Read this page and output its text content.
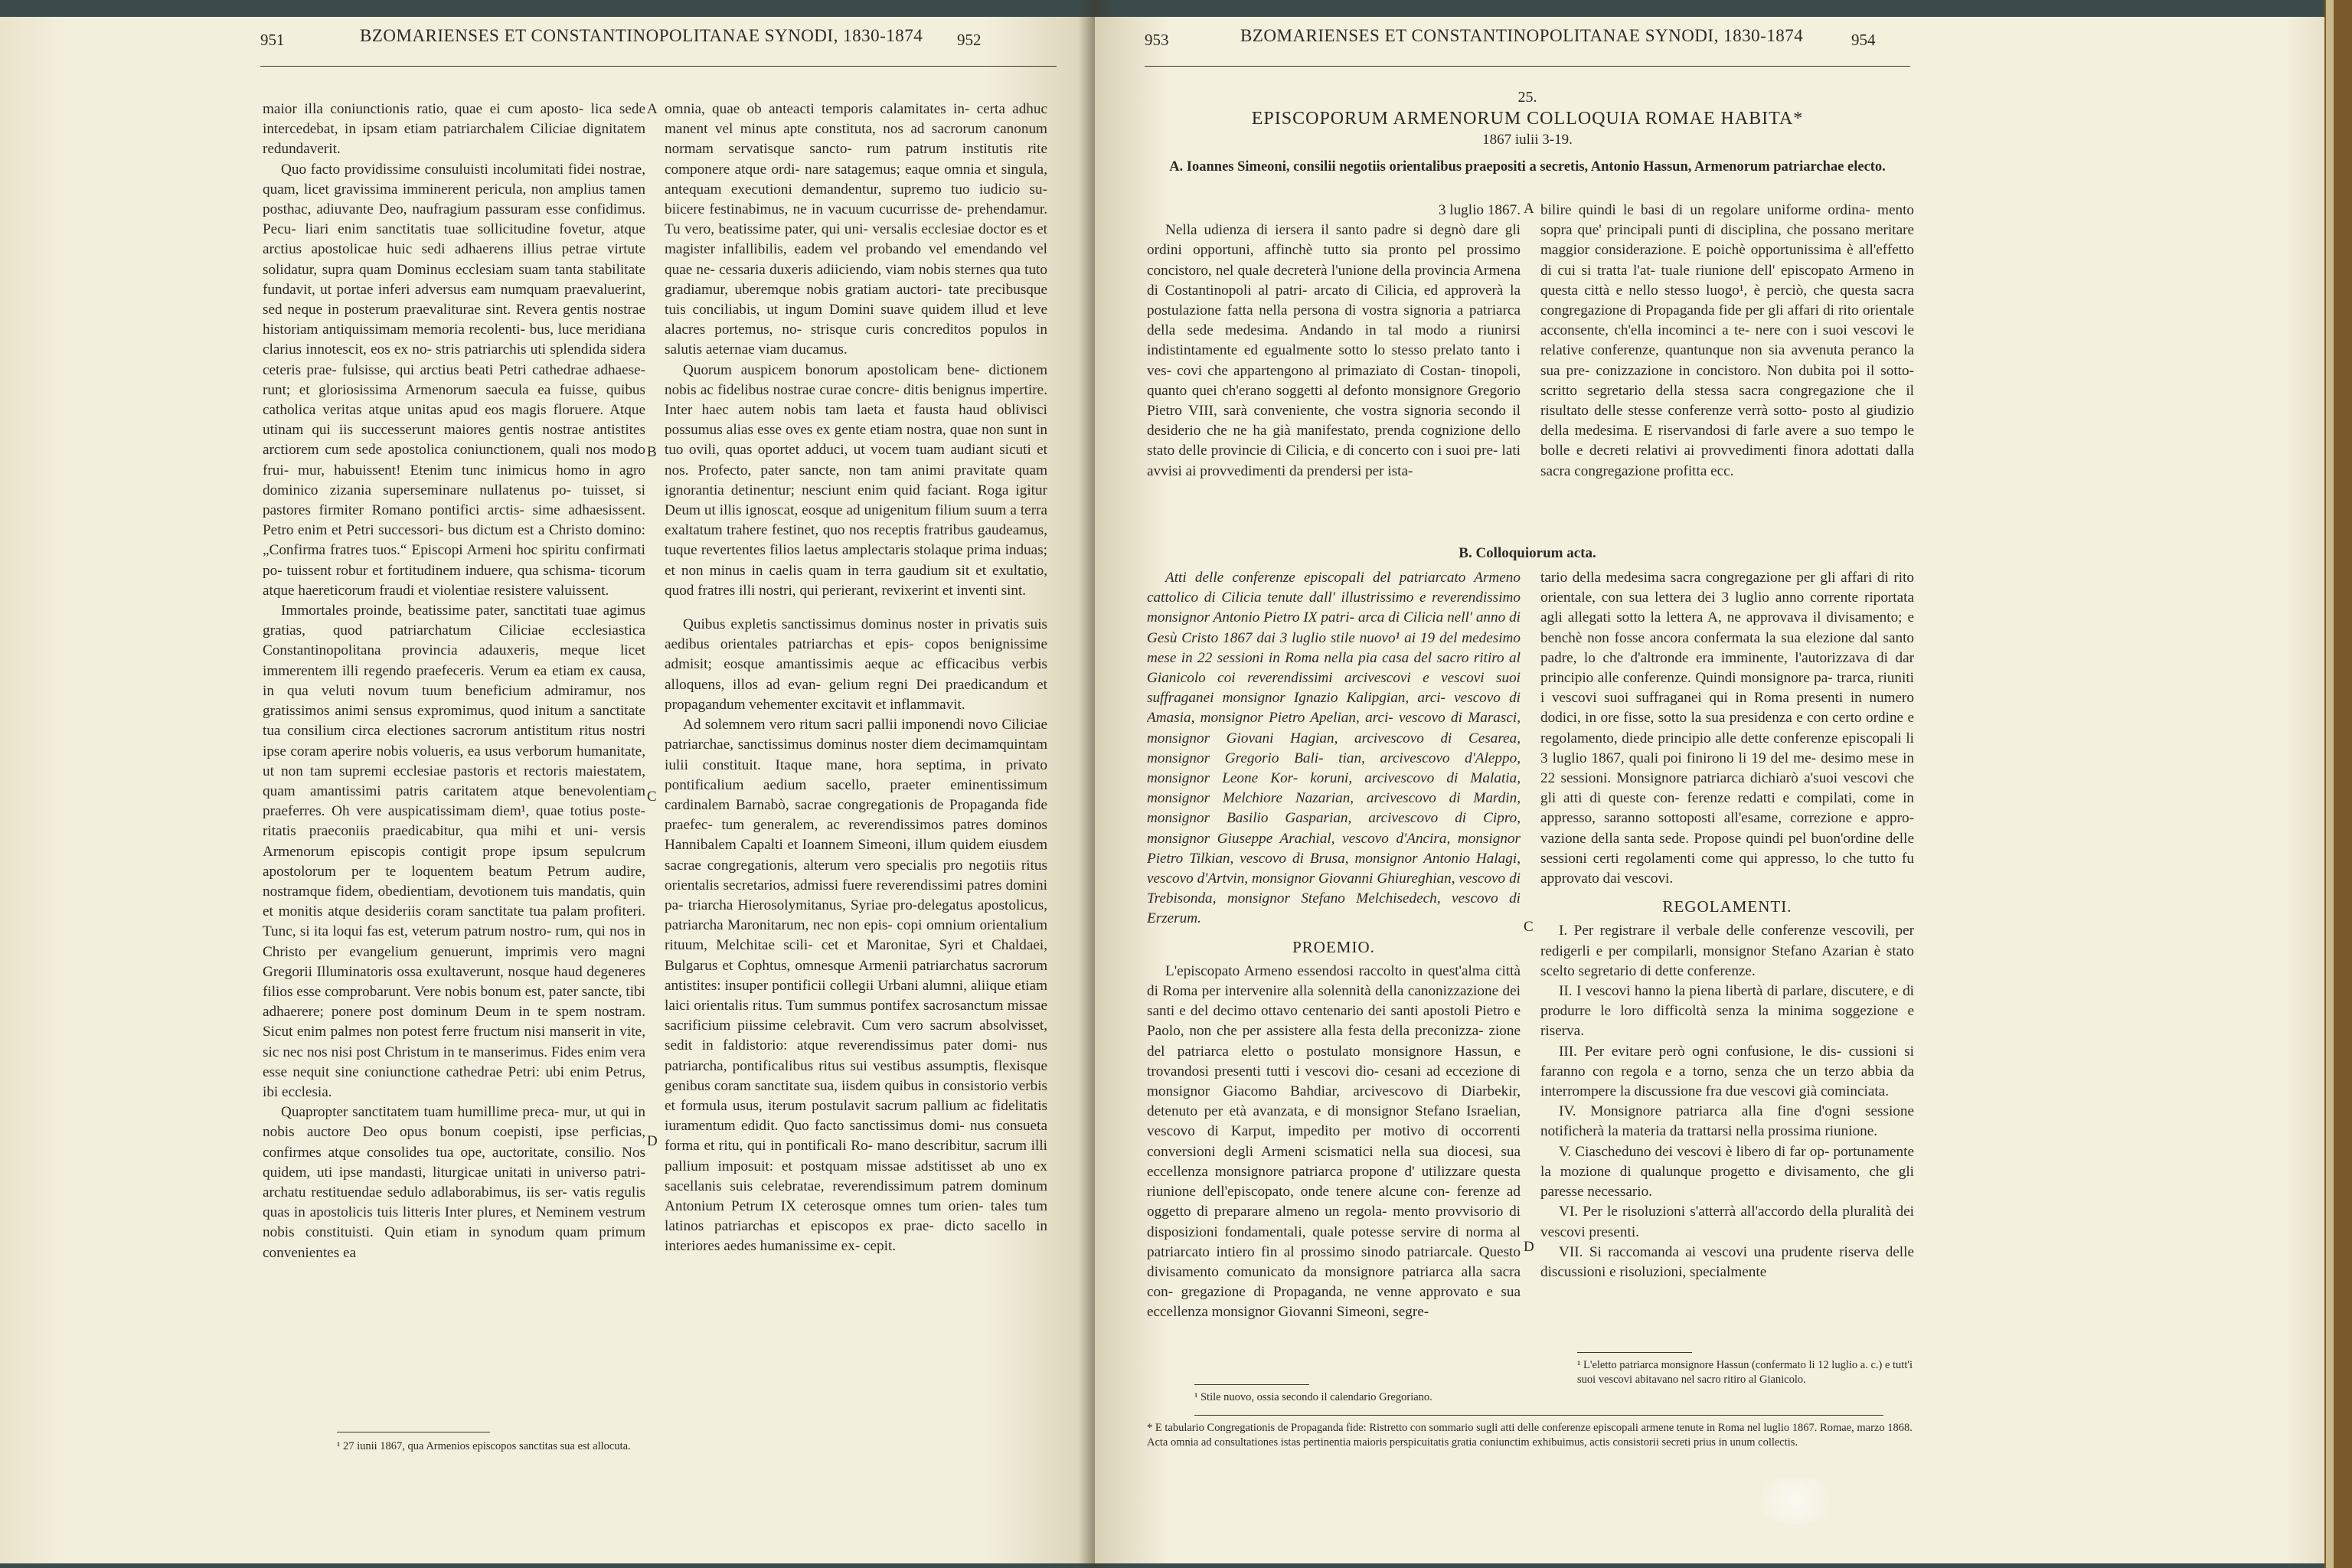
951	BZOMARIENSES ET CONSTANTINOPOLITANAE SYNODI, 1830-1874 952

maior illa coniunctionis ratio, quae ei cum aposto- lica sede intercedebat, in ipsam etiam patriarchalem Ciliciae dignitatem redundaverit.

Quo facto providissime consuluisti incolumitati fidei nostrae, quam, licet gravissima imminerent pericula, non amplius tamen posthac, adiuvante Deo, naufragium passuram esse confidimus. Pecu- liari enim sanctitatis tuae sollicitudine fovetur, atque arctius apostolicae huic sedi adhaerens illius petrae virtute solidatur, supra quam Dominus ecclesiam suam tanta stabilitate fundavit, ut portae inferi adversus eam numquam praevaluerint, sed neque in posterum praevaliturae sint. Revera gentis nostrae historiam antiquissimam memoria recolenti- bus, luce meridiana clarius innotescit, eos ex no- stris patriarchis uti splendida sidera ceteris prae- fulsisse, qui arctius beati Petri cathedrae adhaese- runt; et gloriosissima Armenorum saecula ea fuisse, quibus catholica veritas atque unitas apud eos magis floruere. Atque utinam qui iis successerunt maiores gentis nostrae antistites arctiorem cum sede apostolica coniunctionem, quali nos modo frui- mur, habuissent! Etenim tunc inimicus homo in agro dominico zizania superseminare nullatenus po- tuisset, si pastores firmiter Romano pontifici arctis- sime adhaesissent. Petro enim et Petri successori- bus dictum est a Christo domino: „Confirma fratres tuos.“ Episcopi Armeni hoc spiritu confirmati po- tuissent robur et fortitudinem induere, qua schisma- ticorum atque haereticorum fraudi et violentiae resistere valuissent.

Immortales proinde, beatissime pater, sanctitati tuae agimus gratias, quod patriarchatum Ciliciae ecclesiastica Constantinopolitana provincia adauxeris, meque licet immerentem illi regendo praefeceris. Verum ea etiam ex causa, in qua veluti novum tuum beneficium admiramur, nos gratissimos animi sensus expromimus, quod initum a sanctitate tua consilium circa electiones sacrorum antistitum ritus nostri ipse coram aperire nobis volueris, ea usus verborum humanitate, ut non tam supremi ecclesiae pastoris et rectoris maiestatem, quam amantissimi patris caritatem atque benevolentiam praeferres. Oh vere auspicatissimam diem¹, quae totius poste- ritatis praeconiis praedicabitur, qua mihi et uni- versis Armenorum episcopis contigit prope ipsum sepulcrum apostolorum per te loquentem beatum Petrum audire, nostramque fidem, obedientiam, devotionem tuis mandatis, quin et monitis atque desideriis coram sanctitate tua palam profiteri. Tunc, si ita loqui fas est, veterum patrum nostro- rum, qui nos in Christo per evangelium genuerunt, imprimis vero magni Gregorii Illuminatoris ossa exultaverunt, nosque haud degeneres filios esse comprobarunt. Vere nobis bonum est, pater sancte, tibi adhaerere; ponere post dominum Deum in te spem nostram. Sicut enim palmes non potest ferre fructum nisi manserit in vite, sic nec nos nisi post Christum in te manserimus. Fides enim vera esse nequit sine coniunctione cathedrae Petri: ubi enim Petrus, ibi ecclesia.

Quapropter sanctitatem tuam humillime preca- mur, ut qui in nobis auctore Deo opus bonum coepisti, ipse perficias, confirmes atque consolides tua ope, auctoritate, consilio. Nos quidem, uti ipse mandasti, liturgicae unitati in universo patri- archatu restituendae sedulo adlaborabimus, iis ser- vatis regulis quas in apostolicis tuis litteris Inter plures, et Neminem vestrum nobis constituisti. Quin etiam in synodum quam primum convenientes ea

¹ 27 iunii 1867, qua Armenios episcopos sanctitas sua est allocuta.
A
B
C
D

omnia, quae ob anteacti temporis calamitates in- certa adhuc manent vel minus apte constituta, nos ad sacrorum canonum normam servatisque sancto- rum patrum institutis rite componere atque ordi- nare satagemus; eaque omnia et singula, antequam executioni demandentur, supremo tuo iudicio su- biicere festinabimus, ne in vacuum cucurrisse de- prehendamur. Tu vero, beatissime pater, qui uni- versalis ecclesiae doctor es et magister infallibilis, eadem vel probando vel emendando vel quae ne- cessaria duxeris adiiciendo, viam nobis sternes qua tuto gradiamur, uberemque nobis gratiam auctori- tate precibusque tuis conciliabis, ut ingum Domini suave quidem illud et leve alacres portemus, no- strisque curis concreditos populos in salutis aeternae viam ducamus.

Quorum auspicem bonorum apostolicam bene- dictionem nobis ac fidelibus nostrae curae concre- ditis benignus impertire. Inter haec autem nobis tam laeta et fausta haud oblivisci possumus alias esse oves ex gente etiam nostra, quae non sunt in tuo ovili, quas oportet adduci, ut vocem tuam audiant sicuti et nos. Profecto, pater sancte, non tam animi pravitate quam ignorantia detinentur; nesciunt enim quid faciant. Roga igitur Deum ut illis ignoscat, eosque ad unigenitum filium suum a terra exaltatum trahere festinet, quo nos receptis fratribus gaudeamus, tuque revertentes filios laetus amplectaris stolaque prima induas; et non minus in caelis quam in terra gaudium sit et exultatio, quod fratres illi nostri, qui perierant, revixerint et inventi sint.

Quibus expletis sanctissimus dominus noster in privatis suis aedibus orientales patriarchas et epis- copos benignissime admisit; eosque amantissimis aeque ac efficacibus verbis alloquens, illos ad evan- gelium regni Dei praedicandum et propagandum vehementer excitavit et inflammavit.

Ad solemnem vero ritum sacri pallii imponendi novo Ciliciae patriarchae, sanctissimus dominus noster diem decimamquintam iulii constituit. Itaque mane, hora septima, in privato pontificalium aedium sacello, praeter eminentissimum cardinalem Barnabò, sacrae congregationis de Propaganda fide praefec- tum generalem, ac reverendissimos patres dominos Hannibalem Capalti et Ioannem Simeoni, illum quidem eiusdem sacrae congregationis, alterum vero specialis pro negotiis ritus orientalis secretarios, admissi fuere reverendissimi patres domini pa- triarcha Hierosolymitanus, Syriae pro-delegatus apostolicus, patriarcha Maronitarum, nec non epis- copi omnium orientalium rituum, Melchitae scili- cet et Maronitae, Syri et Chaldaei, Bulgarus et Cophtus, omnesque Armenii patriarchatus sacrorum antistites: insuper pontificii collegii Urbani alumni, aliique etiam laici orientalis ritus. Tum summus pontifex sacrosanctum missae sacrificium piissime celebravit. Cum vero sacrum absolvisset, sedit in faldistorio: atque reverendissimus pater domi- nus patriarcha, pontificalibus ritus sui vestibus assumptis, flexisque genibus coram sanctitate sua, iisdem quibus in consistorio verbis et formula usus, iterum postulavit sacrum pallium ac fidelitatis iuramentum edidit. Quo facto sanctissimus domi- nus consueta forma et ritu, qui in pontificali Ro- mano describitur, sacrum illi pallium imposuit: et postquam missae adstitisset ab uno ex sacellanis suis celebratae, reverendissimum patrem dominum Antonium Petrum IX ceterosque omnes tum orien- tales tum latinos patriarchas et episcopos ex prae- dicto sacello in interiores aedes humanissime ex- cepit.

953	BZOMARIENSES ET CONSTANTINOPOLITANAE SYNODI, 1830-1874	954
25.
EPISCOPORUM ARMENORUM COLLOQUIA ROMAE HABITA*
1867 iulii 3-19.
A. Ioannes Simeoni, consilii negotiis orientalibus praepositi a secretis, Antonio Hassun, Armenorum patriarchae electo.

3 luglio 1867.

Nella udienza di iersera il santo padre si degnò dare gli ordini opportuni, affinchè tutto sia pronto pel prossimo concistoro, nel quale decreterà l'unione della provincia Armena di Costantinopoli al patri- arcato di Cilicia, ed approverà la postulazione fatta nella persona di vostra signoria a patriarca della sede medesima. Andando in tal modo a riunirsi indistintamente ed egualmente sotto lo stesso prelato tanto i ves- covi che appartengono al primaziato di Costan- tinopoli, quanto quei ch'erano soggetti al defonto monsignore Gregorio Pietro VIII, sarà conveniente, che vostra signoria secondo il desiderio che ne ha già manifestato, prenda cognizione dello stato delle provincie di Cilicia, e di concerto con i suoi pre- lati avvisi ai provvedimenti da prendersi per ista-

A bilire quindi le basi di un regolare uniforme ordina- mento sopra que' principali punti di disciplina, che possano meritare maggior considerazione. E poichè opportunissima è all'effetto di cui si tratta l'at- tuale riunione dell' episcopato Armeno in questa città e nello stesso luogo¹, è perciò, che questa sacra congregazione di Propaganda fide per gli affari di rito orientale acconsente, ch'ella incominci a te- nere con i suoi vescovi le relative conferenze, quantunque non sia avvenuta peranco la sua pre- conizzazione in concistoro. Non dubita poi il sotto- scritto segretario della stessa sacra congregazione che il risultato delle stesse conferenze verrà sotto- posto al giudizio della medesima. E riservandosi di farle avere a suo tempo le bolle e decreti relativi ai provvedimenti finora adottati dalla sacra congregazione profitta ecc.

B. Colloquiorum acta.

Atti delle conferenze episcopali del patriarcato Armeno cattolico di Cilicia tenute dall' illustrissimo e reverendissimo monsignor Antonio Pietro IX patri- arca di Cilicia nell' anno di Gesù Cristo 1867 dai 3 luglio stile nuovo¹ ai 19 del medesimo mese in 22 sessioni in Roma nella pia casa del sacro ritiro al Gianicolo coi reverendissimi arcivescovi e vescovi suoi suffraganei monsignor Ignazio Kalipgian, arci- vescovo di Amasia, monsignor Pietro Apelian, arci- vescovo di Marasci, monsignor Giovani Hagian, arcivescovo di Cesarea, monsignor Gregorio Bali- tian, arcivescovo d'Aleppo, monsignor Leone Kor- koruni, arcivescovo di Malatia, monsignor Melchiore Nazarian, arcivescovo di Mardin, monsignor Basilio Gasparian, arcivescovo di Cipro, monsignor Giuseppe Arachial, vescovo d'Ancira, monsignor Pietro Tilkian, vescovo di Brusa, monsignor Antonio Halagi, vescovo d'Artvin, monsignor Giovanni Ghiureghian, vescovo di Trebisonda, monsignor Stefano Melchisedech, vescovo di Erzerum.

PROEMIO.

L'episcopato Armeno essendosi raccolto in quest'alma città di Roma per intervenire alla solennità della canonizzazione dei santi e del decimo ottavo centenario dei santi apostoli Pietro e Paolo, non che per assistere alla festa della preconizza- zione del patriarca eletto o postulato monsignore Hassun, e trovandosi presenti tutti i vescovi dio- cesani ad eccezione di monsignor Giacomo Bahdiar, arcivescovo di Diarbekir, detenuto per età avanzata, e di monsignor Stefano Israelian, vescovo di Karput, impedito per motivo di occorrenti conversioni degli Armeni scismatici nella sua diocesi, sua eccellenza monsignore patriarca propone d' utilizzare questa riunione dell'episcopato, onde tenere alcune con- ferenze ad oggetto di preparare almeno un regola- mento provvisorio di disposizioni fondamentali, quale potesse servire di norma al patriarcato intiero fin al prossimo sinodo patriarcale. Questo divisamento comunicato da monsignore patriarca alla sacra con- gregazione di Propaganda, ne venne approvato e sua eccellenza monsignor Giovanni Simeoni, segre-

¹ Stile nuovo, ossia secondo il calendario Gregoriano.
C
D

tario della medesima sacra congregazione per gli affari di rito orientale, con sua lettera dei 3 luglio anno corrente riportata agli allegati sotto la lettera A, ne approvava il divisamento; e benchè non fosse ancora confermata la sua elezione dal santo padre, lo che d'altronde era imminente, l'autorizzava di dar principio alle conferenze. Quindi monsignore pa- trarca, riuniti i vescovi suoi suffraganei qui in Roma presenti in numero dodici, in ore fisse, sotto la sua presidenza e con certo ordine e regolamento, diede principio alle dette conferenze episcopali li 3 luglio 1867, quali poi finirono li 19 del me- desimo mese in 22 sessioni. Monsignore patriarca dichiarò a'suoi vescovi che gli atti di queste con- ferenze redatti e compilati, come in appresso, saranno sottoposti all'esame, correzione e appro- vazione della santa sede. Propose quindi pel buon'ordine delle sessioni certi regolamenti come qui appresso, lo che tutto fu approvato dai vescovi.

REGOLAMENTI.

I. Per registrare il verbale delle conferenze vescovili, per redigerli e per compilarli, monsignor Stefano Azarian è stato scelto segretario di dette conferenze.

II. I vescovi hanno la piena libertà di parlare, discutere, e di produrre le loro difficoltà senza la minima soggezione e riserva.

III. Per evitare però ogni confusione, le dis- cussioni si faranno con regola e a torno, senza che un terzo abbia da interrompere la discussione fra due vescovi già cominciata.

IV. Monsignore patriarca alla fine d'ogni sessione notificherà la materia da trattarsi nella prossima riunione.

V. Ciascheduno dei vescovi è libero di far op- portunamente la mozione di qualunque progetto e divisamento, che gli paresse necessario.

VI. Per le risoluzioni s'atterrà all'accordo della pluralità dei vescovi presenti.

VII. Si raccomanda ai vescovi una prudente riserva delle discussioni e risoluzioni, specialmente

¹ L'eletto patriarca monsignore Hassun (confermato li 12 luglio a. c.) e tutt'i suoi vescovi abitavano nel sacro ritiro al Gianicolo.
* E tabulario Congregationis de Propaganda fide: Ristretto con sommario sugli atti delle conferenze episcopali armene tenute in Roma nel luglio 1867. Romae, marzo 1868. Acta omnia ad consultationes istas pertinentia maioris perspicuitatis gratia coniunctim exhibuimus, actis consistorii secreti prius in unum collectis.
